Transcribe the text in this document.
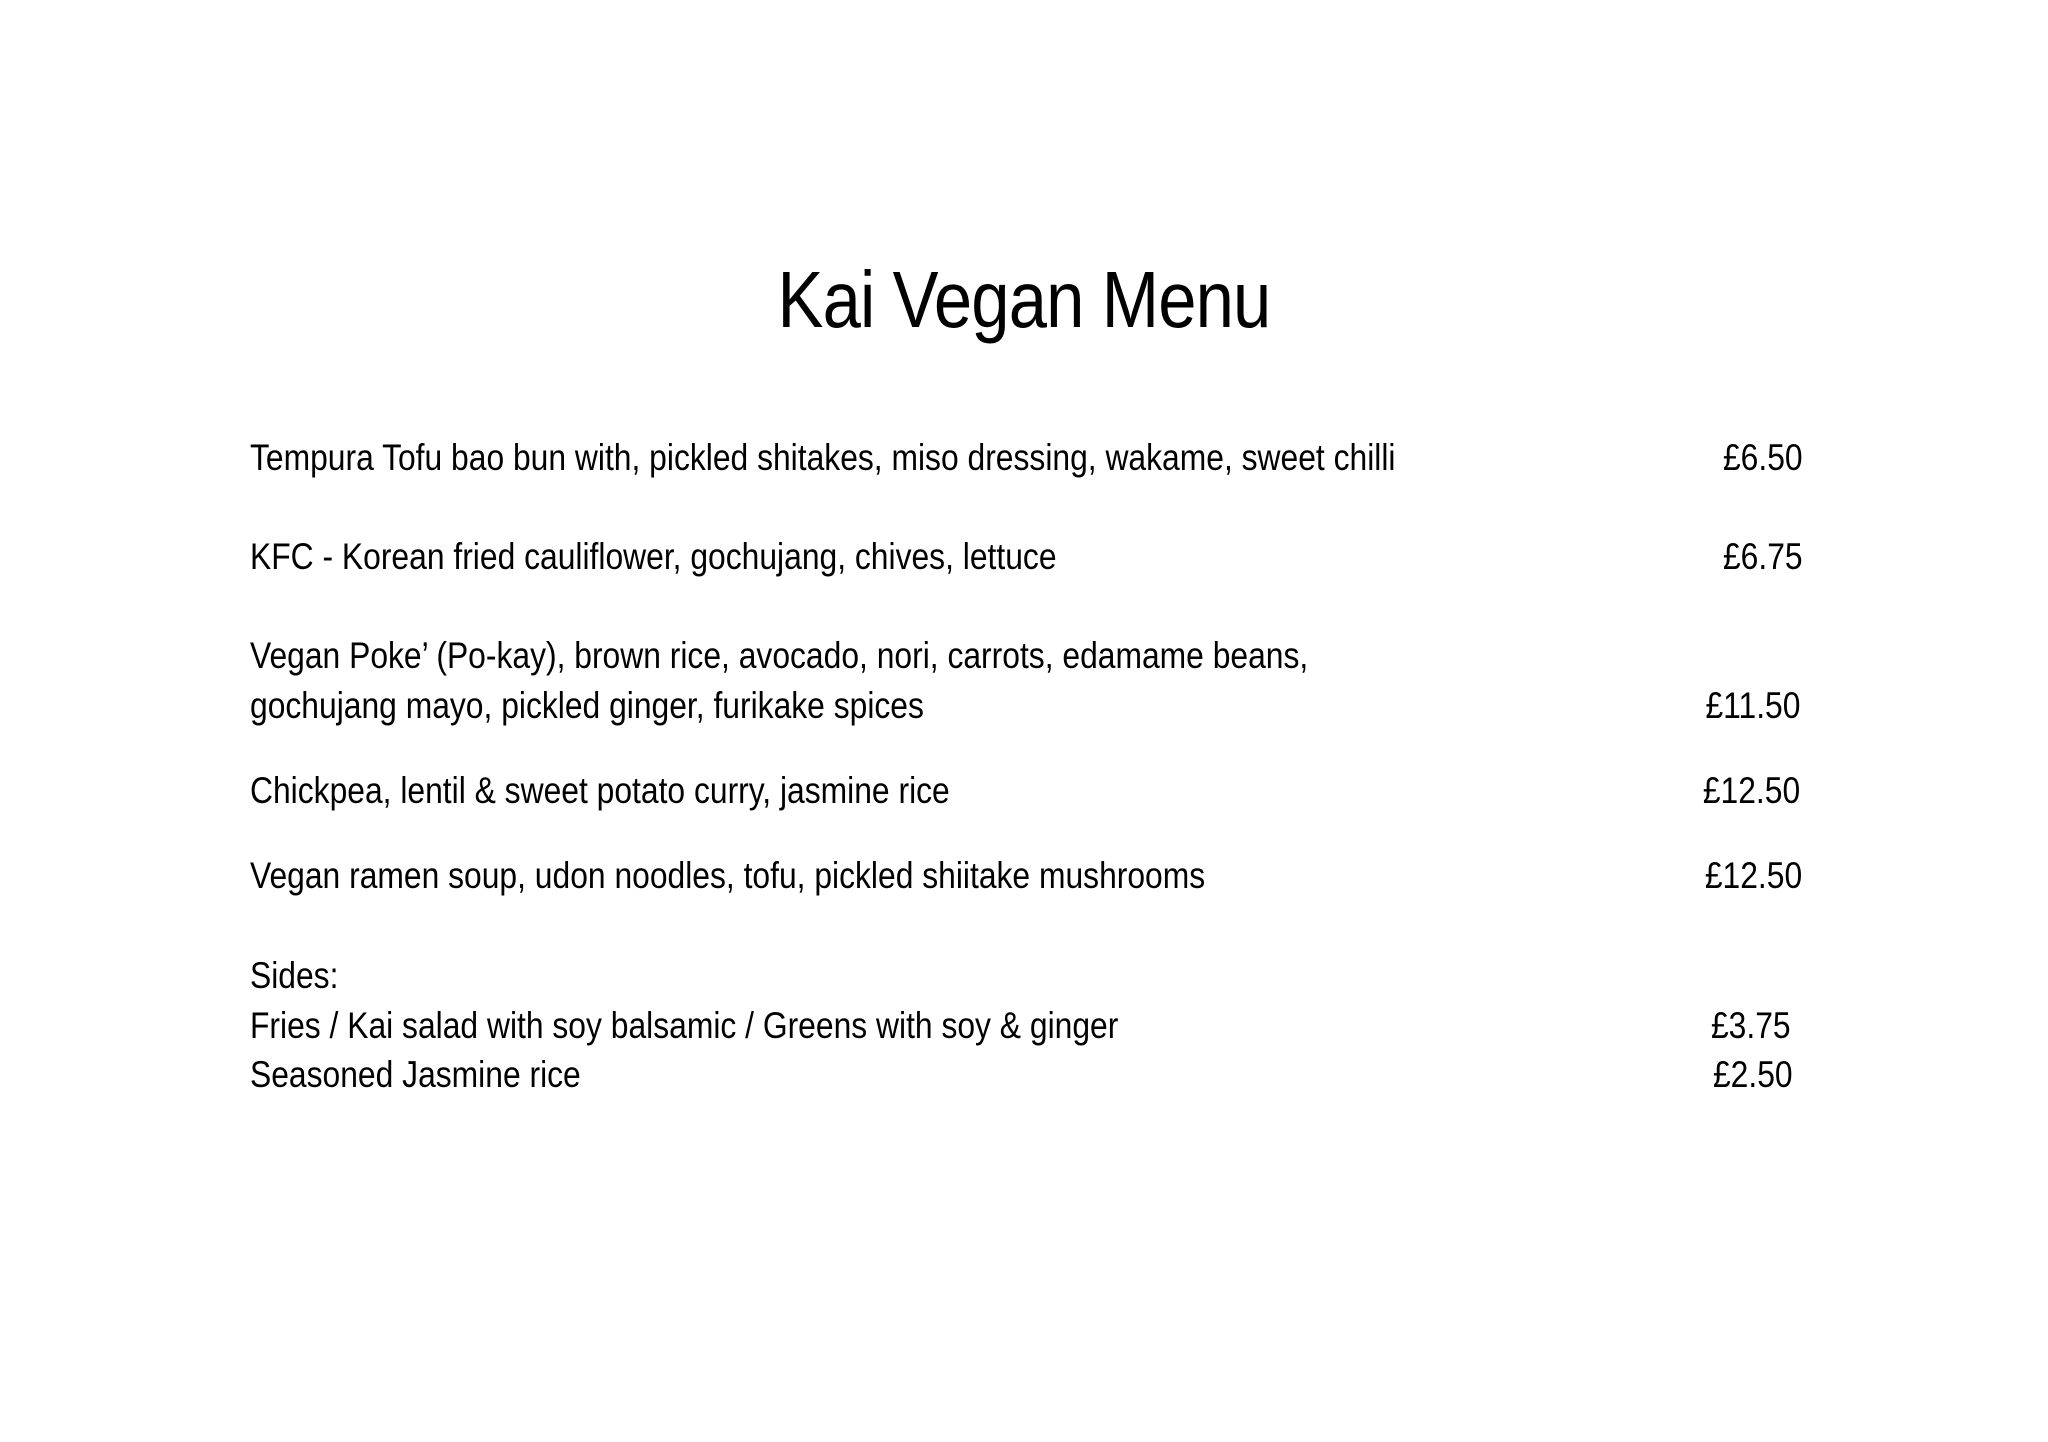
Kai Vegan Menu
Tempura Tofu bao bun with, pickled shitakes, miso dressing, wakame, sweet chilli	£6.50
KFC - Korean fried cauliflower, gochujang, chives, lettuce	£6.75
Vegan Poke’ (Po-kay), brown rice, avocado, nori, carrots, edamame beans,
gochujang mayo, pickled ginger, furikake spices	£11.50
Chickpea, lentil & sweet potato curry, jasmine rice	£12.50
Vegan ramen soup, udon noodles, tofu, pickled shiitake mushrooms	£12.50
Sides:
Fries / Kai salad with soy balsamic / Greens with soy & ginger	£3.75
Seasoned Jasmine rice	£2.50
